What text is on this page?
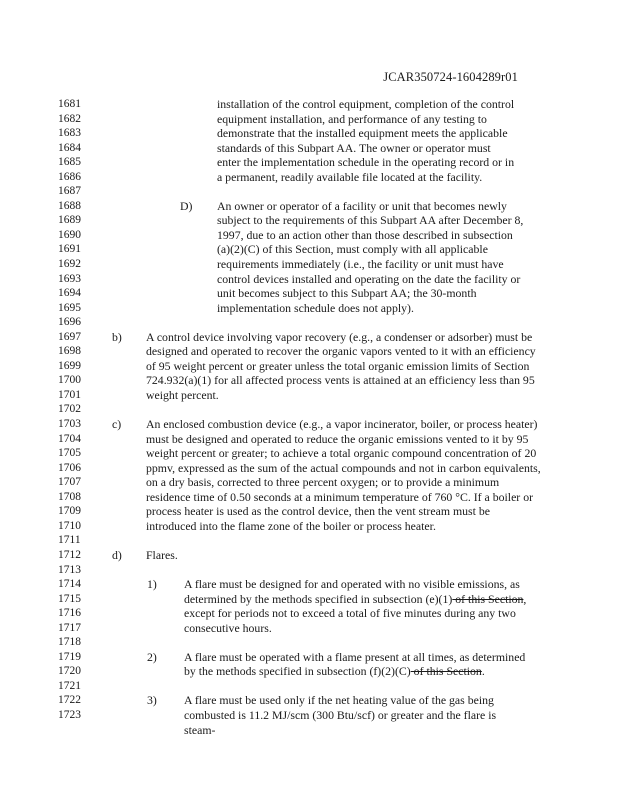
JCAR350724-1604289r01
1681
1682
1683
1684
1685
1686
1687
1688
1689
1690
1691
1692
1693
1694
1695
1696
1697
1698
1699
1700
1701
1702
1703
1704
1705
1706
1707
1708
1709
1710
1711
1712
1713
1714
1715
1716
1717
1718
1719
1720
1721
1722
1723
installation of the control equipment, completion of the control equipment installation, and performance of any testing to demonstrate that the installed equipment meets the applicable standards of this Subpart AA. The owner or operator must enter the implementation schedule in the operating record or in a permanent, readily available file located at the facility.
D) An owner or operator of a facility or unit that becomes newly subject to the requirements of this Subpart AA after December 8, 1997, due to an action other than those described in subsection (a)(2)(C) of this Section, must comply with all applicable requirements immediately (i.e., the facility or unit must have control devices installed and operating on the date the facility or unit becomes subject to this Subpart AA; the 30-month implementation schedule does not apply).
b) A control device involving vapor recovery (e.g., a condenser or adsorber) must be designed and operated to recover the organic vapors vented to it with an efficiency of 95 weight percent or greater unless the total organic emission limits of Section 724.932(a)(1) for all affected process vents is attained at an efficiency less than 95 weight percent.
c) An enclosed combustion device (e.g., a vapor incinerator, boiler, or process heater) must be designed and operated to reduce the organic emissions vented to it by 95 weight percent or greater; to achieve a total organic compound concentration of 20 ppmv, expressed as the sum of the actual compounds and not in carbon equivalents, on a dry basis, corrected to three percent oxygen; or to provide a minimum residence time of 0.50 seconds at a minimum temperature of 760 °C. If a boiler or process heater is used as the control device, then the vent stream must be introduced into the flame zone of the boiler or process heater.
d) Flares.
1) A flare must be designed for and operated with no visible emissions, as determined by the methods specified in subsection (e)(1) of this Section, except for periods not to exceed a total of five minutes during any two consecutive hours.
2) A flare must be operated with a flame present at all times, as determined by the methods specified in subsection (f)(2)(C) of this Section.
3) A flare must be used only if the net heating value of the gas being combusted is 11.2 MJ/scm (300 Btu/scf) or greater and the flare is steam-
